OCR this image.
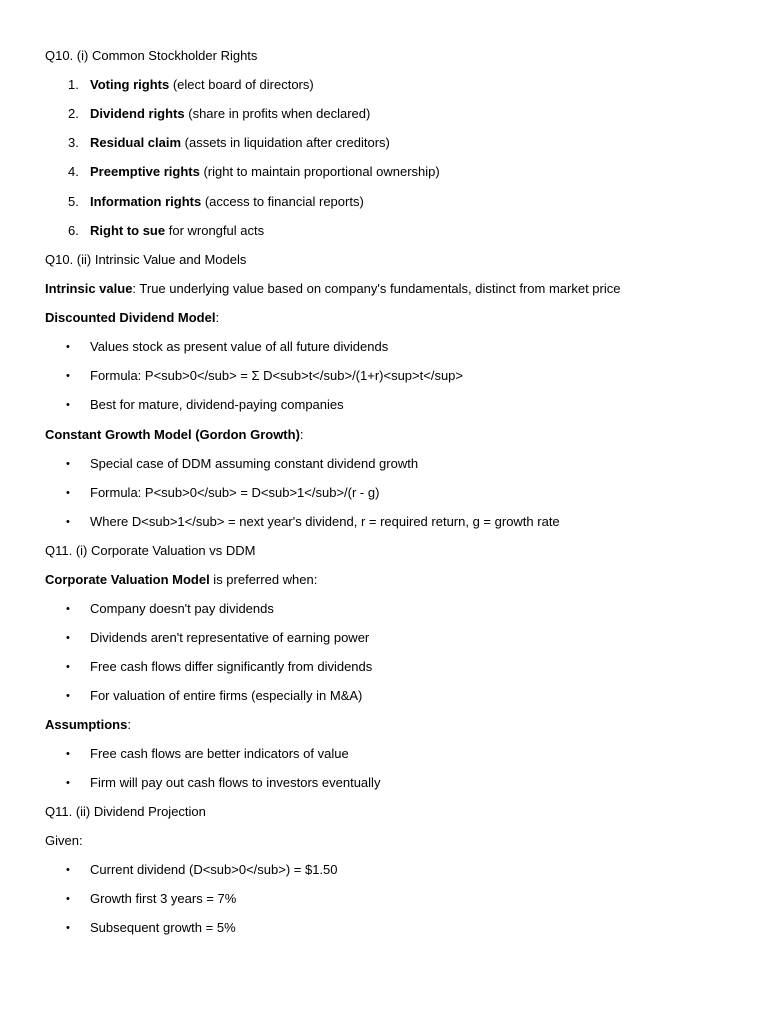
Q10. (i) Common Stockholder Rights
1. Voting rights (elect board of directors)
2. Dividend rights (share in profits when declared)
3. Residual claim (assets in liquidation after creditors)
4. Preemptive rights (right to maintain proportional ownership)
5. Information rights (access to financial reports)
6. Right to sue for wrongful acts
Q10. (ii) Intrinsic Value and Models
Intrinsic value: True underlying value based on company's fundamentals, distinct from market price
Discounted Dividend Model:
• Values stock as present value of all future dividends
• Formula: P<sub>0</sub> = Σ D<sub>t</sub>/(1+r)<sup>t</sup>
• Best for mature, dividend-paying companies
Constant Growth Model (Gordon Growth):
• Special case of DDM assuming constant dividend growth
• Formula: P<sub>0</sub> = D<sub>1</sub>/(r - g)
• Where D<sub>1</sub> = next year's dividend, r = required return, g = growth rate
Q11. (i) Corporate Valuation vs DDM
Corporate Valuation Model is preferred when:
• Company doesn't pay dividends
• Dividends aren't representative of earning power
• Free cash flows differ significantly from dividends
• For valuation of entire firms (especially in M&A)
Assumptions:
• Free cash flows are better indicators of value
• Firm will pay out cash flows to investors eventually
Q11. (ii) Dividend Projection
Given:
• Current dividend (D<sub>0</sub>) = $1.50
• Growth first 3 years = 7%
• Subsequent growth = 5%
